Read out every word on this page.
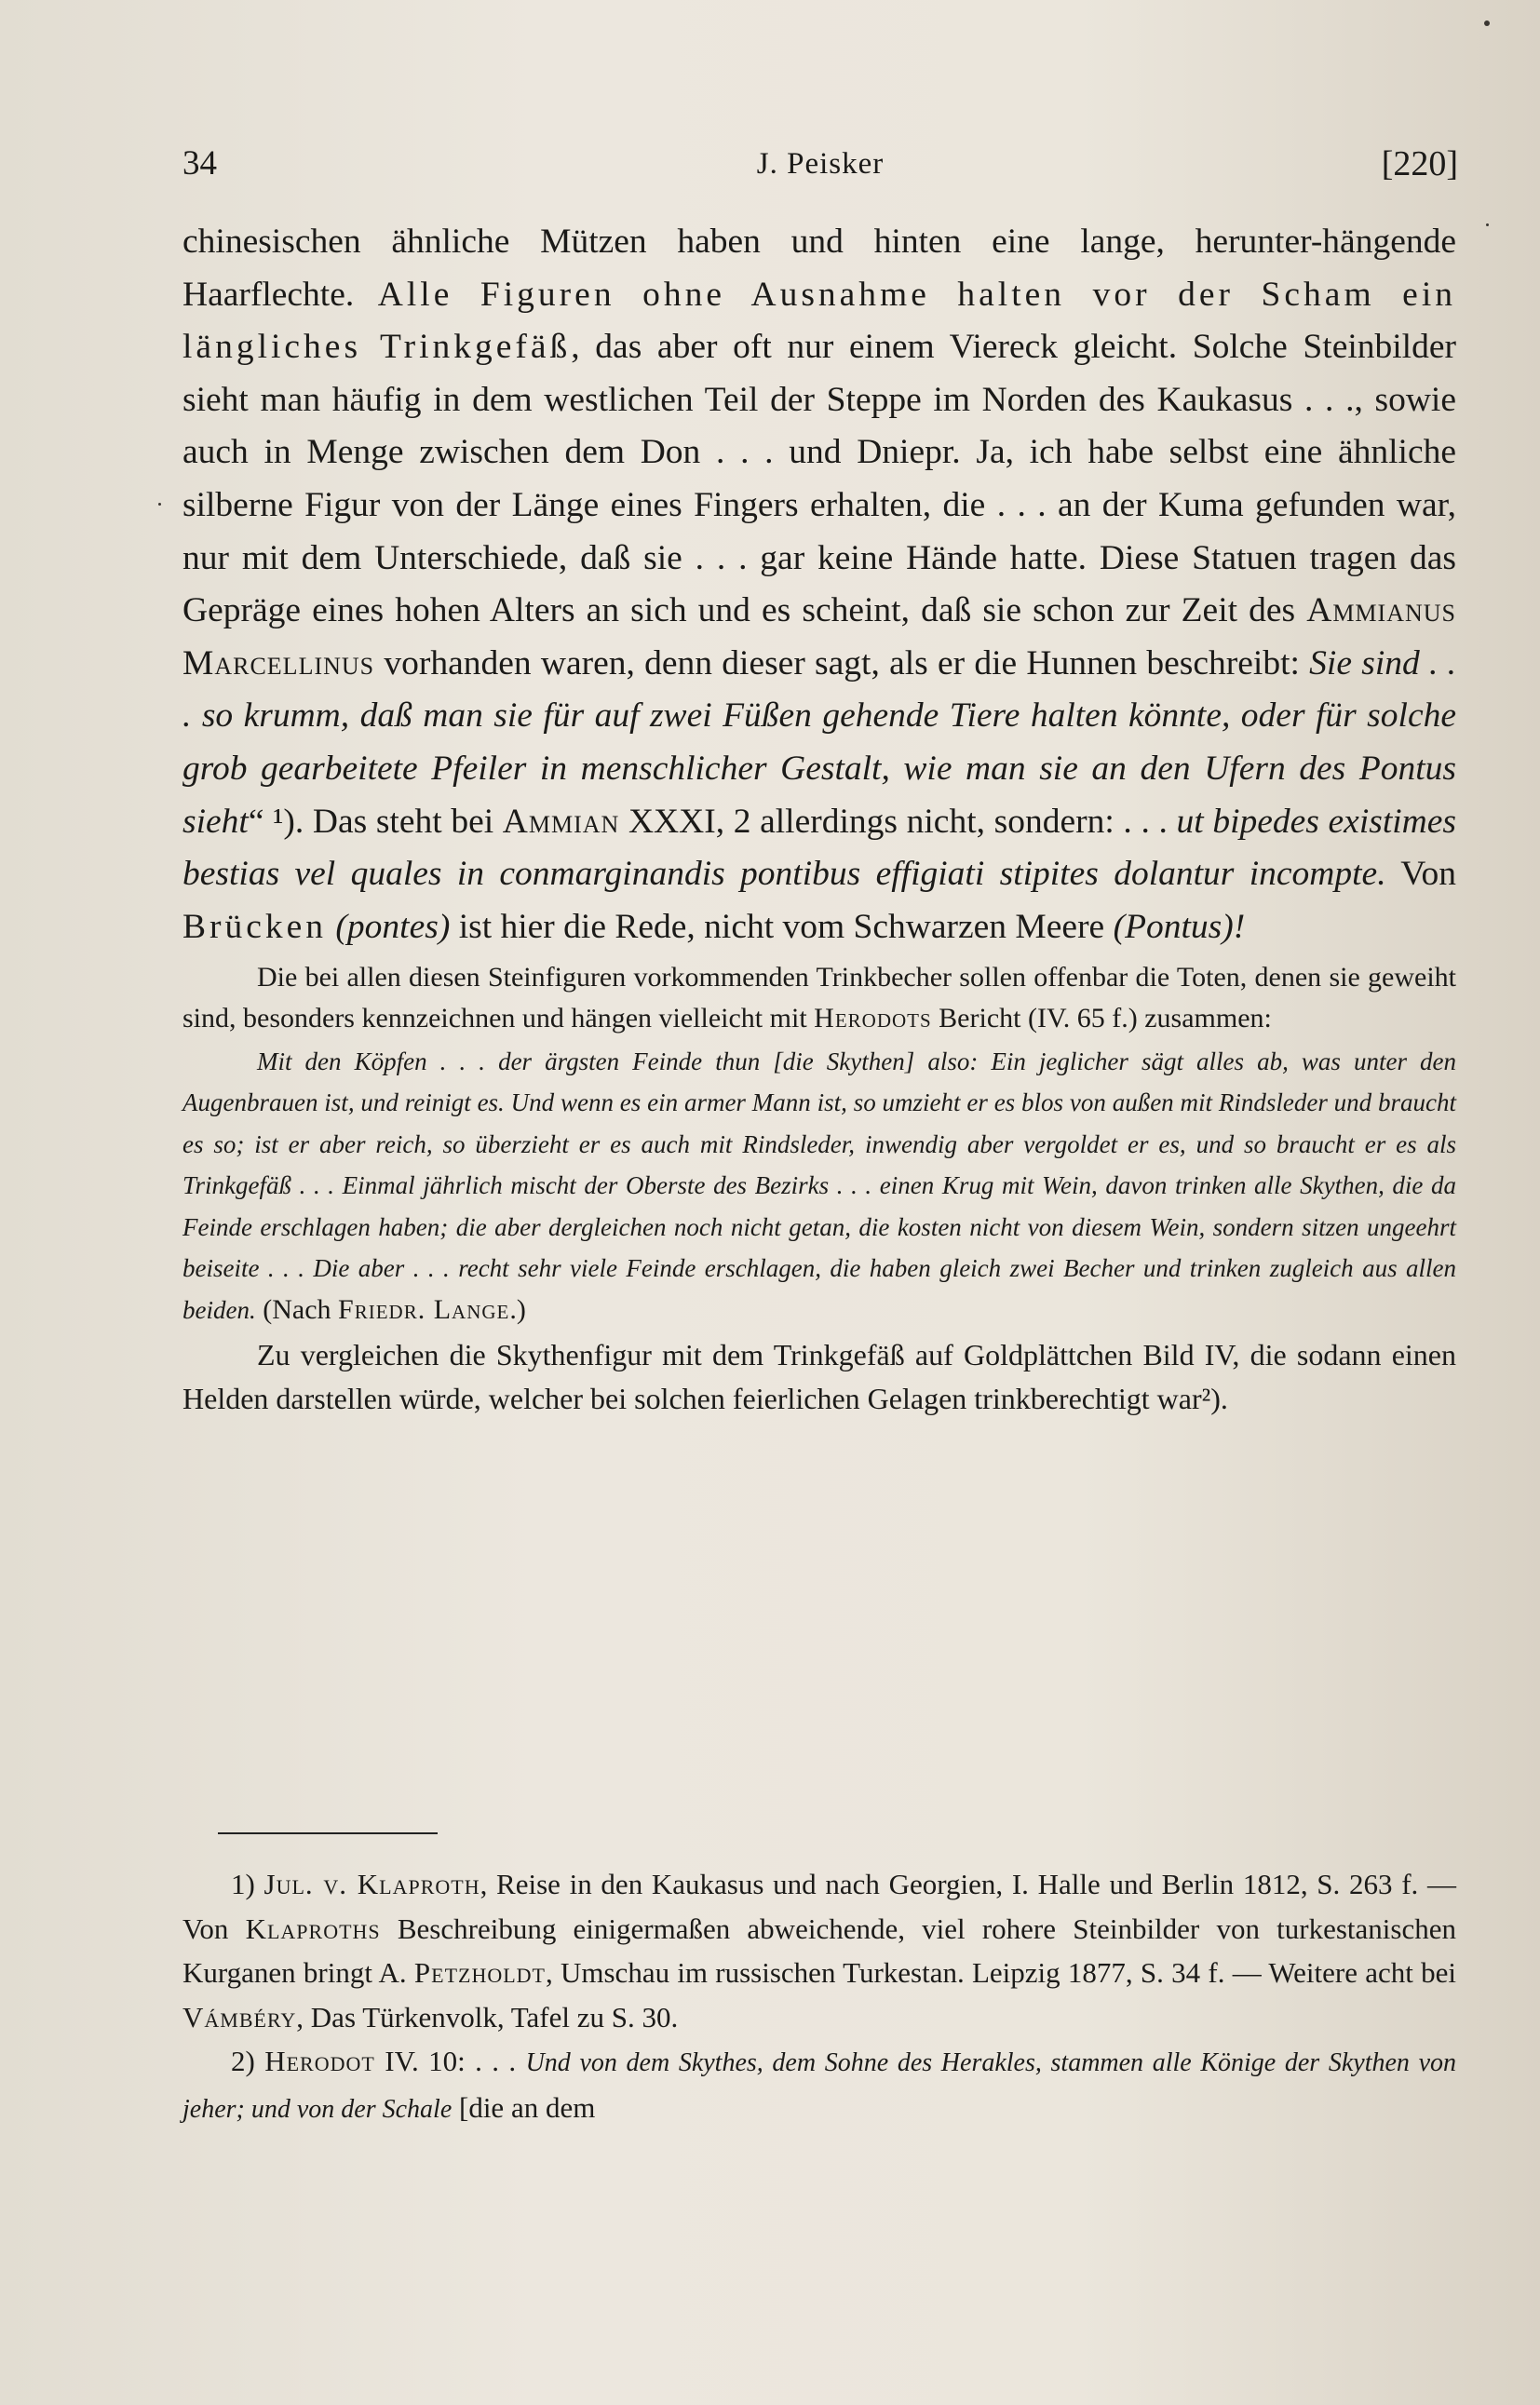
34	J. Peisker	[220]

chinesischen ähnliche Mützen haben und hinten eine lange, herunter-hängende Haarflechte. Alle Figuren ohne Ausnahme halten vor der Scham ein längliches Trinkgefäß, das aber oft nur einem Viereck gleicht. Solche Steinbilder sieht man häufig in dem westlichen Teil der Steppe im Norden des Kaukasus . . ., sowie auch in Menge zwischen dem Don . . . und Dniepr. Ja, ich habe selbst eine ähnliche silberne Figur von der Länge eines Fingers erhalten, die . . . an der Kuma gefunden war, nur mit dem Unterschiede, daß sie . . . gar keine Hände hatte. Diese Statuen tragen das Gepräge eines hohen Alters an sich und es scheint, daß sie schon zur Zeit des Ammianus Marcellinus vorhanden waren, denn dieser sagt, als er die Hunnen beschreibt: Sie sind . . . so krumm, daß man sie für auf zwei Füßen gehende Tiere halten könnte, oder für solche grob gearbeitete Pfeiler in menschlicher Gestalt, wie man sie an den Ufern des Pontus sieht“ ¹). Das steht bei Ammian XXXI, 2 allerdings nicht, sondern: . . . ut bipedes existimes bestias vel quales in conmarginandis pontibus effigiati stipites dolantur incompte. Von Brücken (pontes) ist hier die Rede, nicht vom Schwarzen Meere (Pontus)!

Die bei allen diesen Steinfiguren vorkommenden Trinkbecher sollen offenbar die Toten, denen sie geweiht sind, besonders kennzeichnen und hängen vielleicht mit Herodots Bericht (IV. 65 f.) zusammen:

Mit den Köpfen . . . der ärgsten Feinde thun [die Skythen] also: Ein jeglicher sägt alles ab, was unter den Augenbrauen ist, und reinigt es. Und wenn es ein armer Mann ist, so umzieht er es blos von außen mit Rindsleder und braucht es so; ist er aber reich, so überzieht er es auch mit Rindsleder, inwendig aber vergoldet er es, und so braucht er es als Trinkgefäß . . . Einmal jährlich mischt der Oberste des Bezirks . . . einen Krug mit Wein, davon trinken alle Skythen, die da Feinde erschlagen haben; die aber dergleichen noch nicht getan, die kosten nicht von diesem Wein, sondern sitzen ungeehrt beiseite . . . Die aber . . . recht sehr viele Feinde erschlagen, die haben gleich zwei Becher und trinken zugleich aus allen beiden. (Nach Friedr. Lange.)

Zu vergleichen die Skythenfigur mit dem Trinkgefäß auf Goldplättchen Bild IV, die sodann einen Helden darstellen würde, welcher bei solchen feierlichen Gelagen trinkberechtigt war²).

1) Jul. v. Klaproth, Reise in den Kaukasus und nach Georgien, I. Halle und Berlin 1812, S. 263 f. — Von Klaproths Beschreibung einigermaßen abweichende, viel rohere Steinbilder von turkestanischen Kurganen bringt A. Petzholdt, Umschau im russischen Turkestan. Leipzig 1877, S. 34 f. — Weitere acht bei Vámbéry, Das Türkenvolk, Tafel zu S. 30.

2) Herodot IV. 10: . . . Und von dem Skythes, dem Sohne des Herakles, stammen alle Könige der Skythen von jeher; und von der Schale [die an dem
